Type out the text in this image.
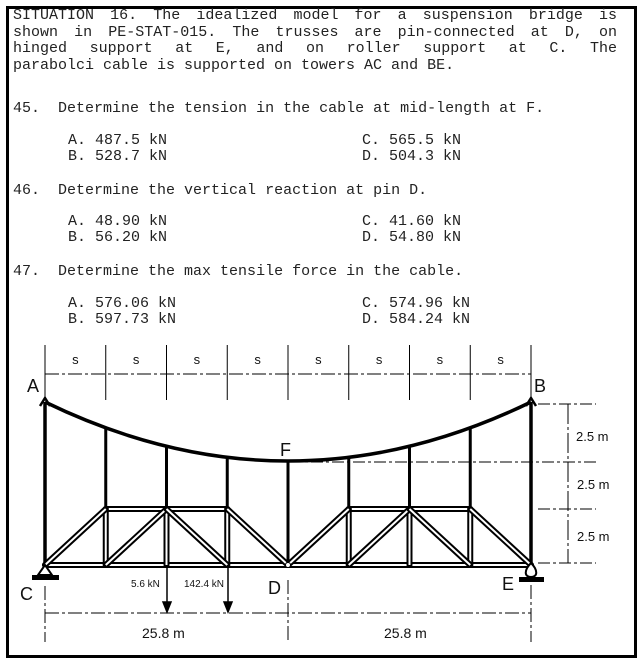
SITUATION 16. The idealized model for a suspension bridge is
shown in PE-STAT-015. The trusses are pin-connected at D, on
hinged support at E, and on roller support at C. The
parabolci cable is supported on towers AC and BE.
45. Determine the tension in the cable at mid-length at F.
A. 487.5 kN
B. 528.7 kN
C. 565.5 kN
D. 504.3 kN
46. Determine the vertical reaction at pin D.
A. 48.90 kN
B. 56.20 kN
C. 41.60 kN
D. 54.80 kN
47. Determine the max tensile force in the cable.
A. 576.06 kN
B. 597.73 kN
C. 574.96 kN
D. 584.24 kN
s	s	s	s	s	s	s	s
A	B
F
C	D	E
2.5 m
2.5 m
2.5 m
5.6 kN 142.4 kN
25.8 m	25.8 m
